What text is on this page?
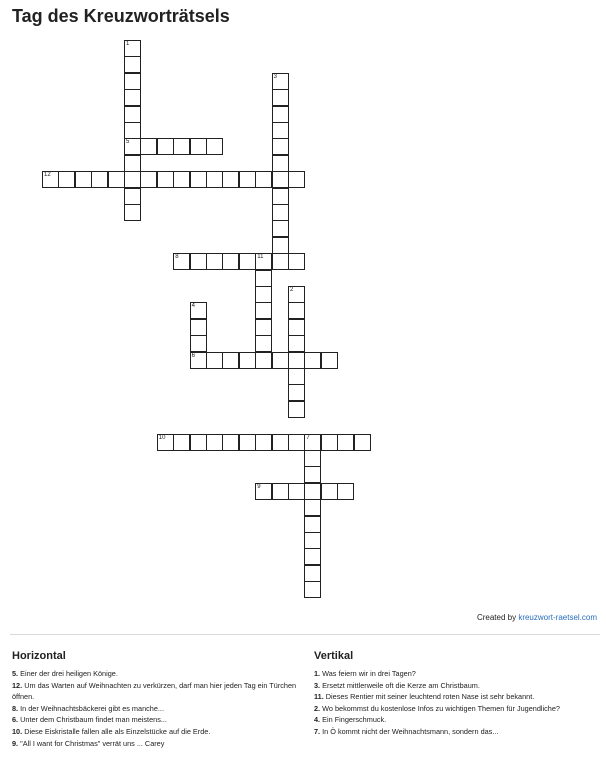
Tag des Kreuzworträtsels
1
5
2
3
4
6
7
8	11
9
10
12
Created by kreuzwort-raetsel.com
Horizontal

5. Einer der drei heiligen Könige.

12. Um das Warten auf Weihnachten zu verkürzen, darf man hier jeden Tag ein Türchen öffnen.

8. In der Weihnachtsbäckerei gibt es manche...

6. Unter dem Christbaum findet man meistens...

10. Diese Eiskristalle fallen alle als Einzelstücke auf die Erde.

9. "All I want for Christmas" verrät uns ... Carey

Vertikal

1. Was feiern wir in drei Tagen?

3. Ersetzt mittlerweile oft die Kerze am Christbaum.

11. Dieses Rentier mit seiner leuchtend roten Nase ist sehr bekannt.

2. Wo bekommst du kostenlose Infos zu wichtigen Themen für Jugendliche?

4. Ein Fingerschmuck.

7. In Ö kommt nicht der Weihnachtsmann, sondern das...
